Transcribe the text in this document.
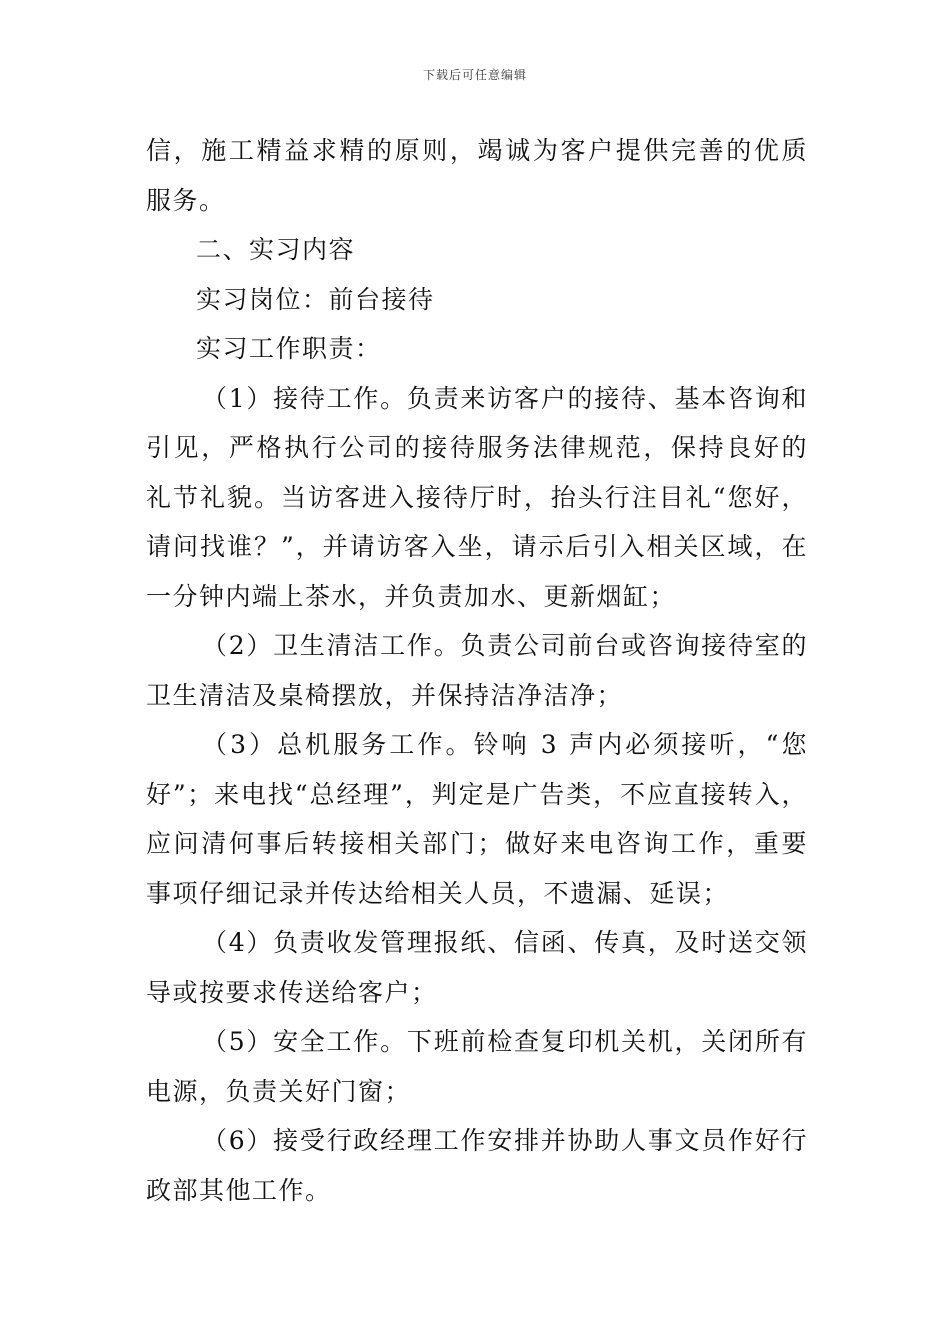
下载后可任意编辑

信，施工精益求精的原则，竭诚为客户提供完善的优质服务。

二、实习内容

实习岗位：前台接待

实习工作职责：

（1）接待工作。负责来访客户的接待、基本咨询和引见，严格执行公司的接待服务法律规范，保持良好的礼节礼貌。当访客进入接待厅时，抬头行注目礼“您好，请问找谁？”，并请访客入坐，请示后引入相关区域，在一分钟内端上茶水，并负责加水、更新烟缸；

（2）卫生清洁工作。负责公司前台或咨询接待室的卫生清洁及桌椅摆放，并保持洁净洁净；

（3）总机服务工作。铃响 3 声内必须接听，“您好”；来电找“总经理”，判定是广告类，不应直接转入，应问清何事后转接相关部门；做好来电咨询工作，重要事项仔细记录并传达给相关人员，不遗漏、延误；

（4）负责收发管理报纸、信函、传真，及时送交领导或按要求传送给客户；

（5）安全工作。下班前检查复印机关机，关闭所有电源，负责关好门窗；

（6）接受行政经理工作安排并协助人事文员作好行政部其他工作。
